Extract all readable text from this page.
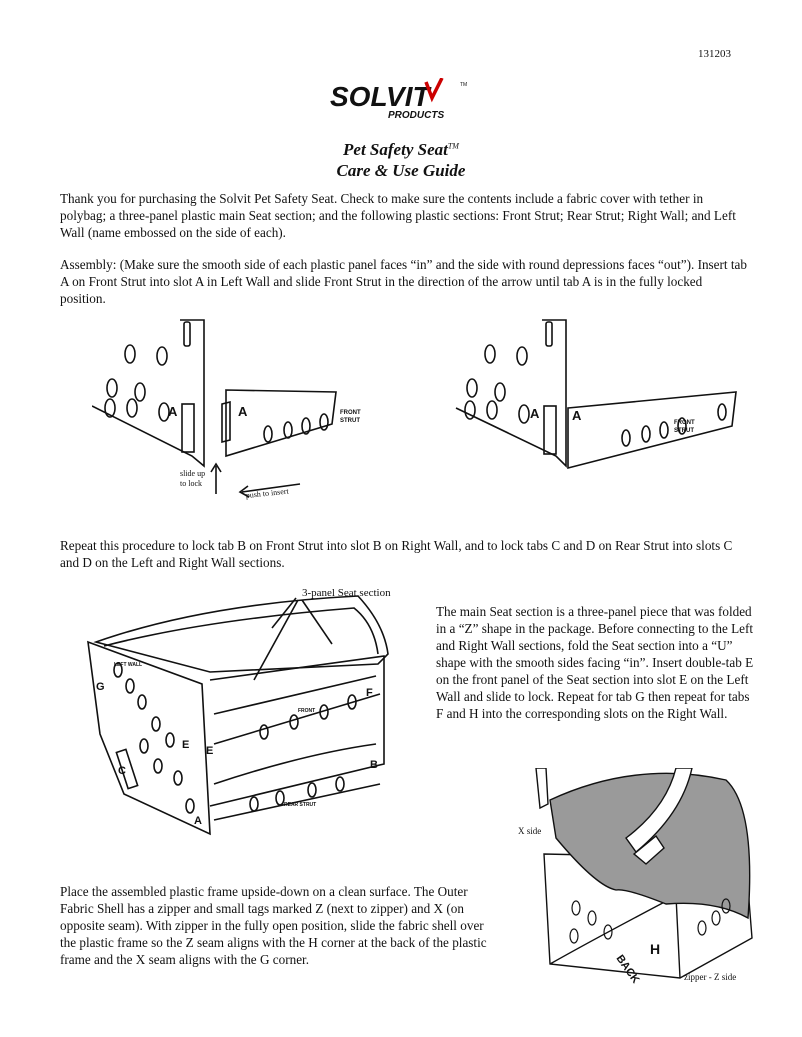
131203
SOLVIT	TM
PRODUCTS
Pet Safety Seat™
Care & Use Guide
Thank you for purchasing the Solvit Pet Safety Seat. Check to make sure the contents include a fabric cover with tether in polybag; a three-panel plastic main Seat section; and the following plastic sections: Front Strut; Rear Strut; Right Wall; and Left Wall (name embossed on the side of each).
Assembly: (Make sure the smooth side of each plastic panel faces “in” and the side with round depressions faces “out”). Insert tab A on Front Strut into slot A in Left Wall and slide Front Strut in the direction of the arrow until tab A is in the fully locked position.
A	A	FRONT
STRUT
slide up
to lock
push to insert
A	A	FRONT
STRUT
Repeat this procedure to lock tab B on Front Strut into slot B on Right Wall, and to lock tabs C and D on Rear Strut into slots C and D on the Left and Right Wall sections.
3-panel Seat section
G
E
C
A
F
B
E
FRONT
REAR STRUT
LEFT WALL
The main Seat section is a three-panel piece that was folded in a “Z” shape in the package. Before connecting to the Left and Right Wall sections, fold the Seat section into a “U” shape with the smooth sides facing “in”. Insert double-tab E on the front panel of the Seat section into slot E on the Left Wall and slide to lock. Repeat for tab G then repeat for tabs F and H into the corresponding slots on the Right Wall.
X side
zipper - Z side
BACK
H
Place the assembled plastic frame upside-down on a clean surface. The Outer Fabric Shell has a zipper and small tags marked Z (next to zipper) and X (on opposite seam). With zipper in the fully open position, slide the fabric shell over the plastic frame so the Z seam aligns with the H corner at the back of the plastic frame and the X seam aligns with the G corner.
